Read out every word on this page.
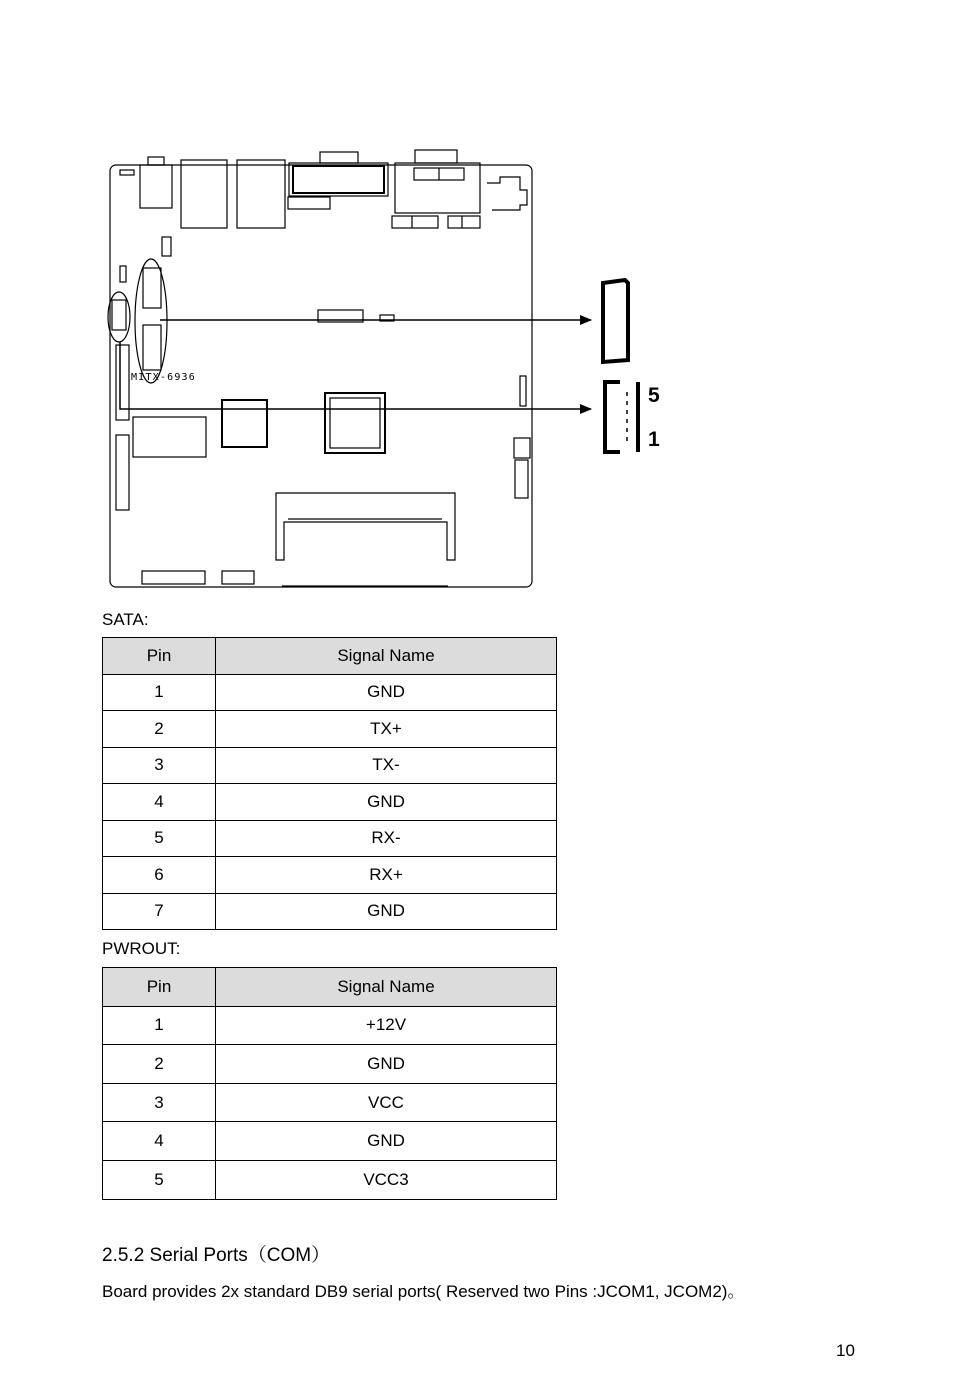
MITX-6936
5
1
SATA:
Pin	Signal Name
1	GND
2	TX+
3	TX-
4	GND
5	RX-
6	RX+
7	GND
PWROUT:
Pin	Signal Name
1	+12V
2	GND
3	VCC
4	GND
5	VCC3
2.5.2 Serial Ports（COM）
Board provides 2x standard DB9 serial ports( Reserved two Pins :JCOM1, JCOM2)。
10
